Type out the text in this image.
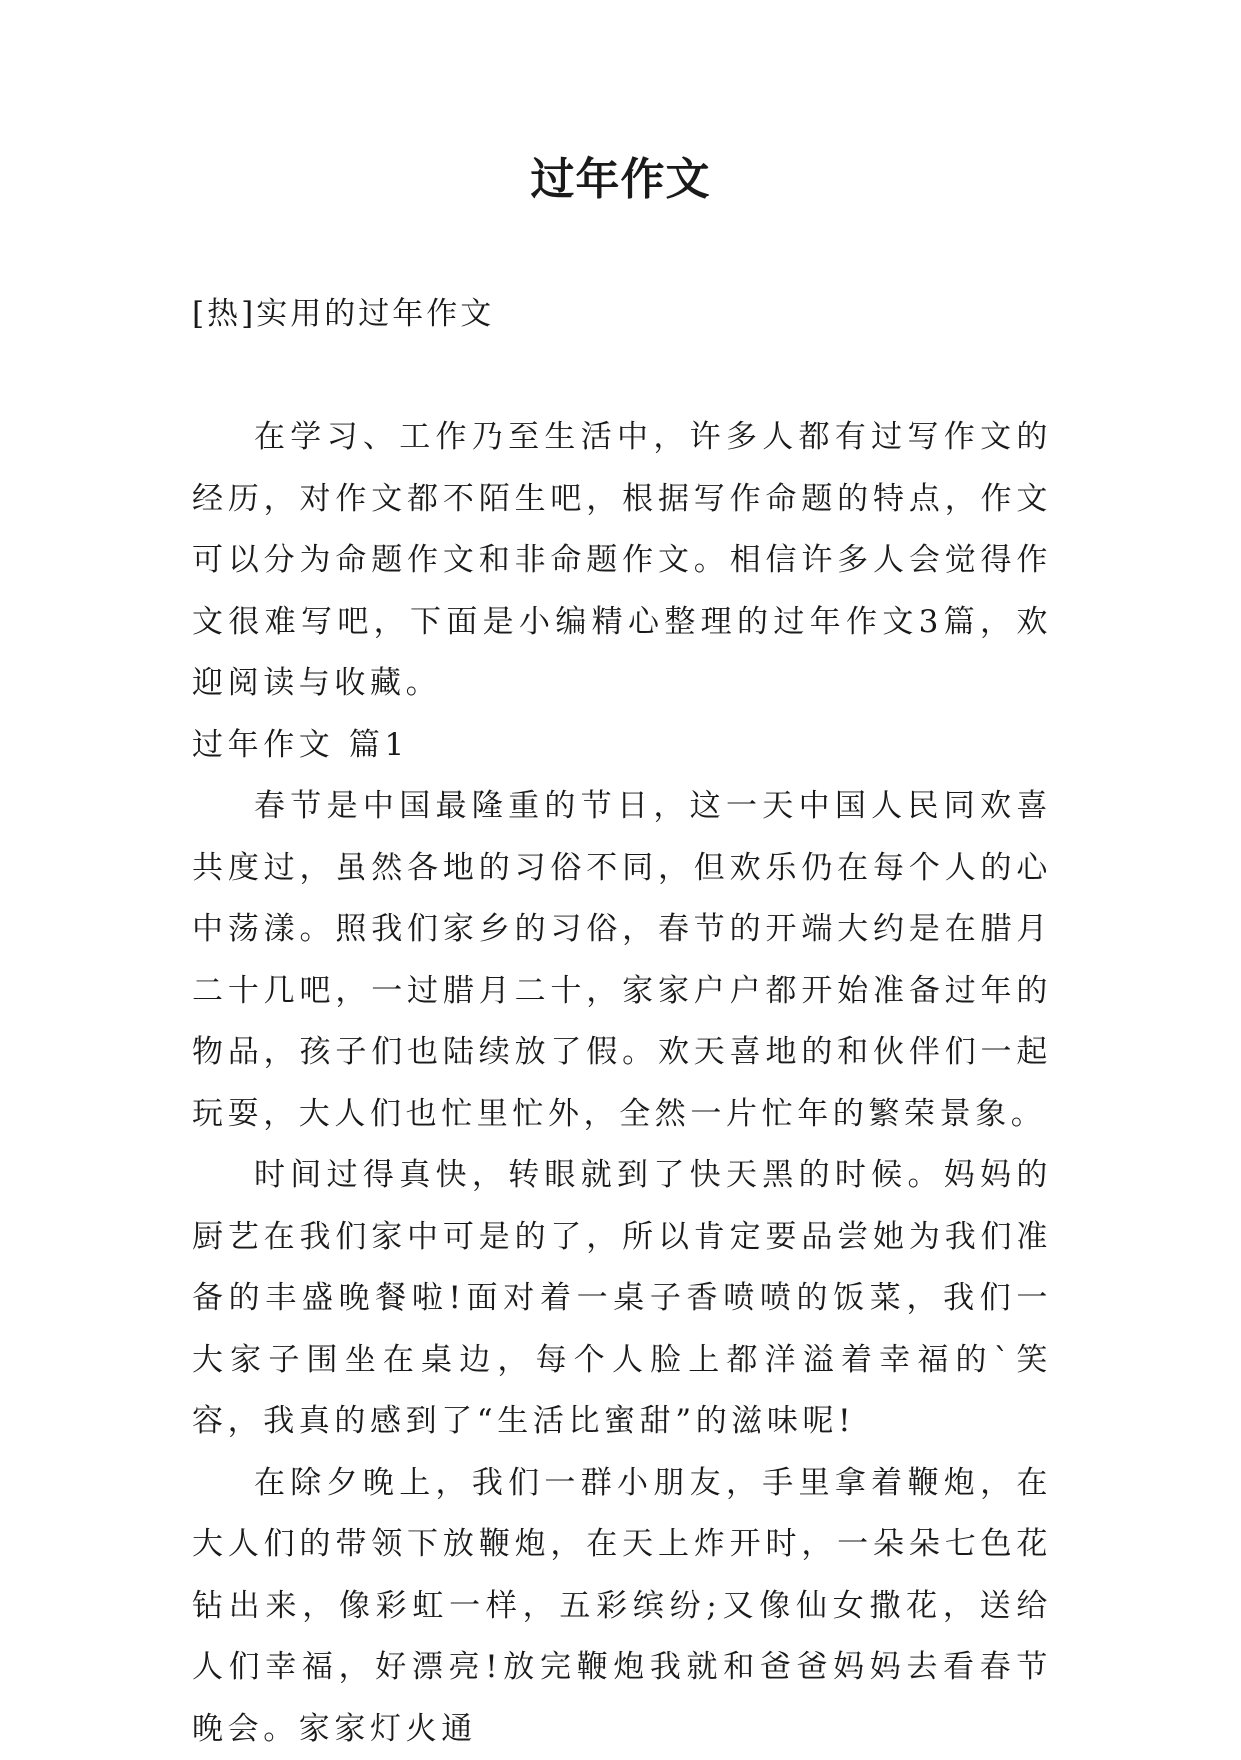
过年作文
[热]实用的过年作文

在学习、工作乃至生活中，许多人都有过写作文的经历，对作文都不陌生吧，根据写作命题的特点，作文可以分为命题作文和非命题作文。相信许多人会觉得作文很难写吧，下面是小编精心整理的过年作文3篇，欢迎阅读与收藏。

过年作文 篇1

春节是中国最隆重的节日，这一天中国人民同欢喜共度过，虽然各地的习俗不同，但欢乐仍在每个人的心中荡漾。照我们家乡的习俗，春节的开端大约是在腊月二十几吧，一过腊月二十，家家户户都开始准备过年的物品，孩子们也陆续放了假。欢天喜地的和伙伴们一起玩耍，大人们也忙里忙外，全然一片忙年的繁荣景象。

时间过得真快，转眼就到了快天黑的时候。妈妈的厨艺在我们家中可是的了，所以肯定要品尝她为我们准备的丰盛晚餐啦!面对着一桌子香喷喷的饭菜，我们一大家子围坐在桌边，每个人脸上都洋溢着幸福的`笑容，我真的感到了“生活比蜜甜”的滋味呢!

在除夕晚上，我们一群小朋友，手里拿着鞭炮，在大人们的带领下放鞭炮，在天上炸开时，一朵朵七色花钻出来，像彩虹一样，五彩缤纷;又像仙女撒花，送给人们幸福，好漂亮!放完鞭炮我就和爸爸妈妈去看春节晚会。家家灯火通
